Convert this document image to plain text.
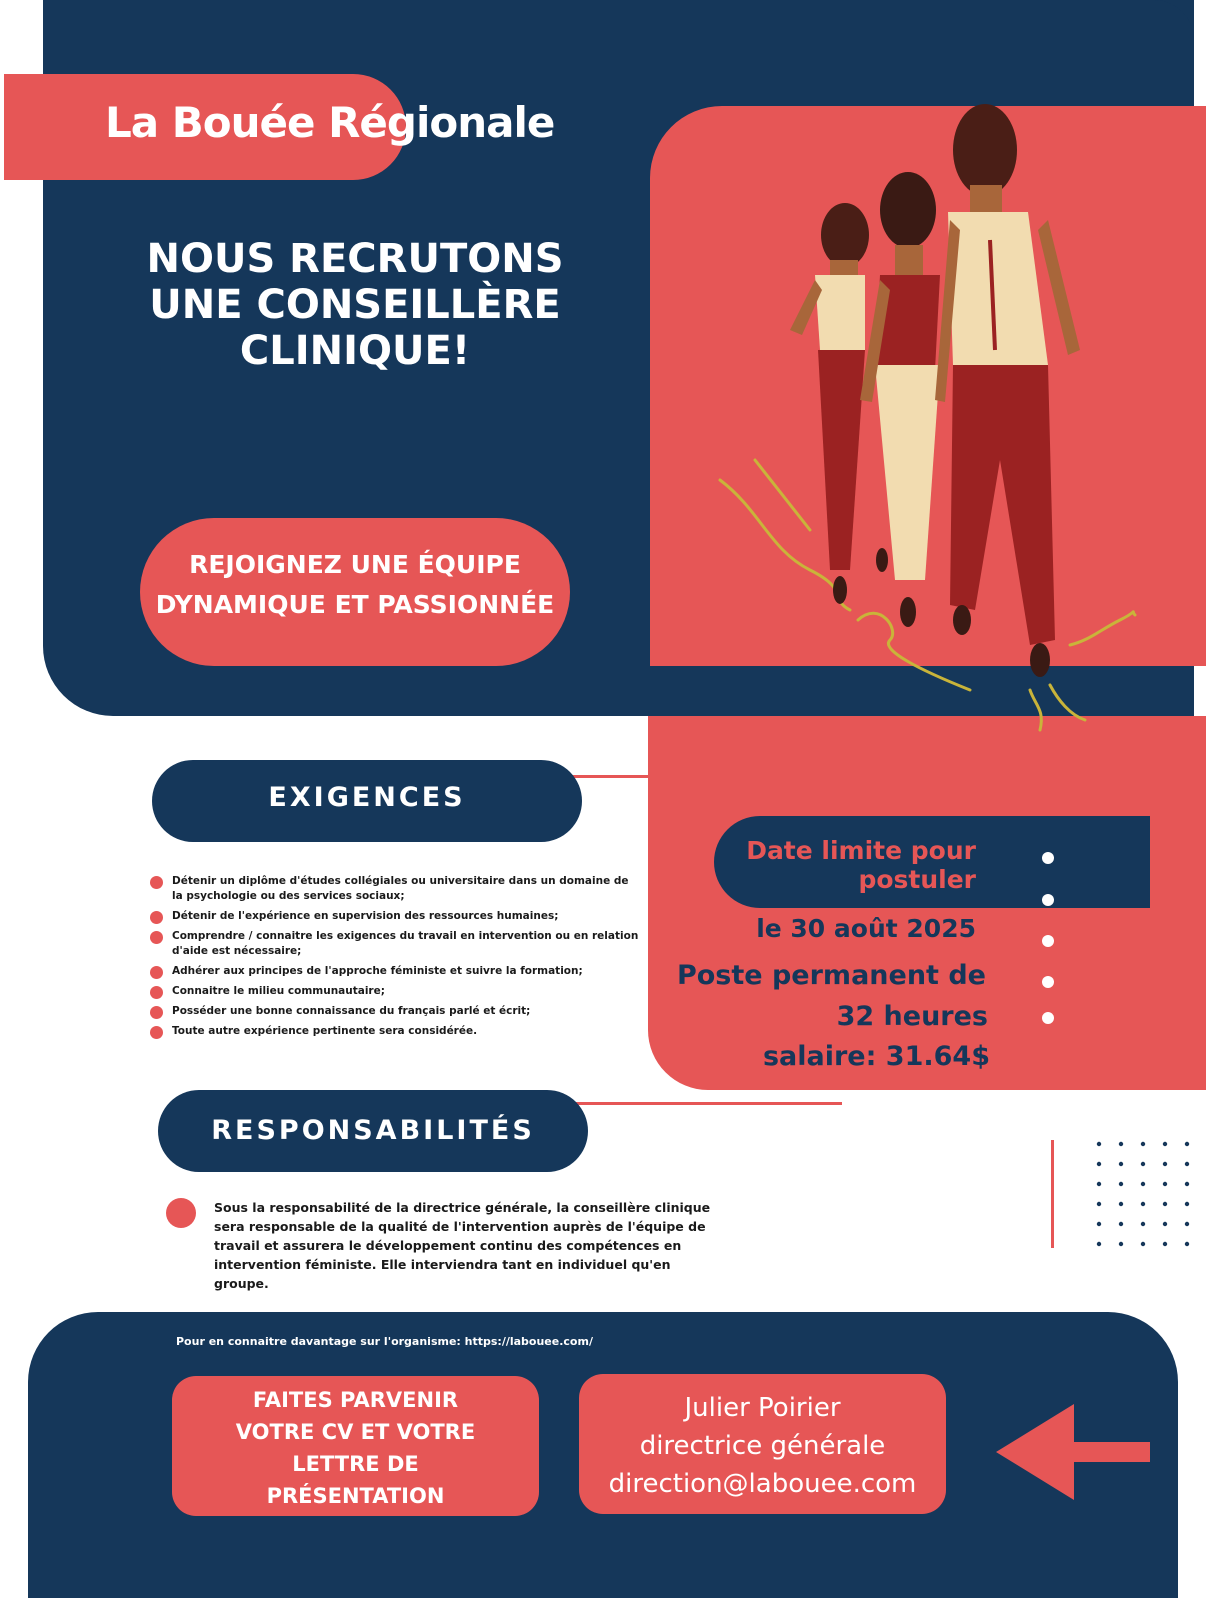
La Bouée Régionale
NOUS RECRUTONS
UNE CONSEILLÈRE
CLINIQUE!
REJOIGNEZ UNE ÉQUIPE
DYNAMIQUE ET PASSIONNÉE
Date limite pour
postuler
le 30 août 2025
Poste permanent de
32 heures
salaire: 31.64$
EXIGENCES
Détenir un diplôme d'études collégiales ou universitaire dans un domaine de la psychologie ou des services sociaux;
Détenir de l'expérience en supervision des ressources humaines;
Comprendre / connaitre les exigences du travail en intervention ou en relation d'aide est nécessaire;
Adhérer aux principes de l'approche féministe et suivre la formation;
Connaitre le milieu communautaire;
Posséder une bonne connaissance du français parlé et écrit;
Toute autre expérience pertinente sera considérée.
RESPONSABILITÉS
Sous la responsabilité de la directrice générale, la conseillère clinique sera responsable de la qualité de l'intervention auprès de l'équipe de travail et assurera le développement continu des compétences en intervention féministe. Elle interviendra tant en individuel qu'en groupe.
Pour en connaitre davantage sur l'organisme: https://labouee.com/
FAITES PARVENIR
VOTRE CV ET VOTRE
LETTRE DE
PRÉSENTATION
Julier Poirier
directrice générale
direction@labouee.com
